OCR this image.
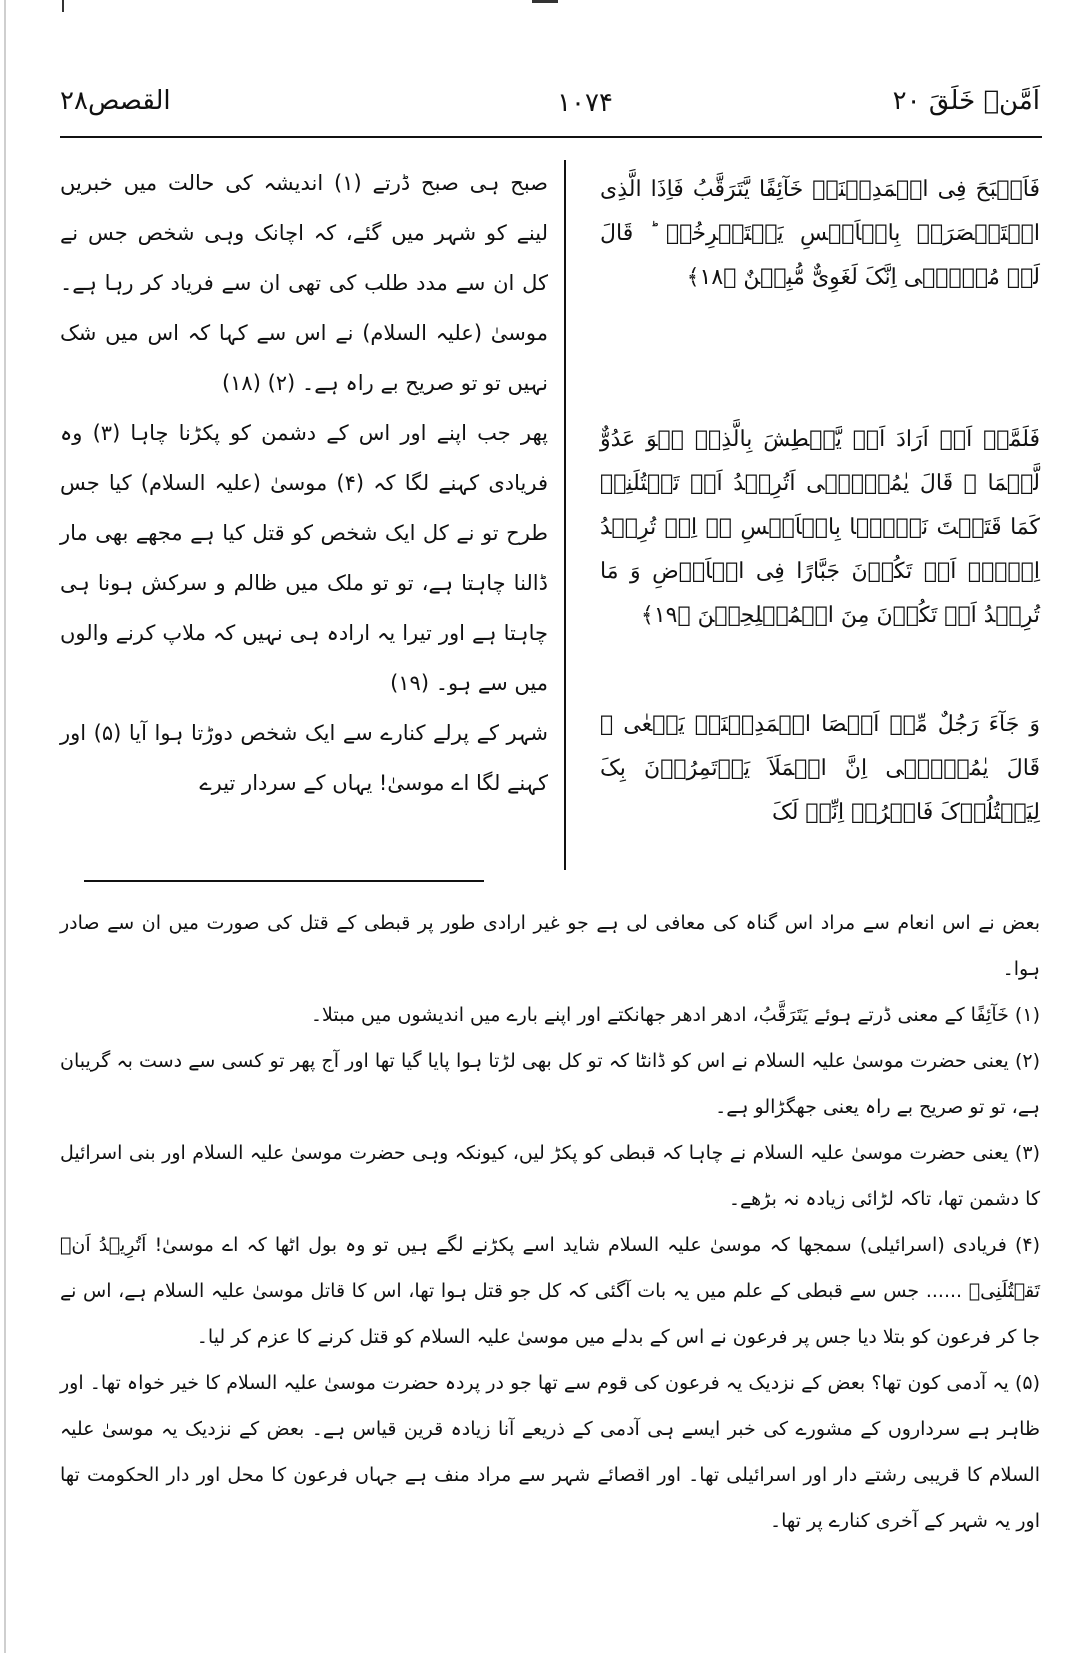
القصص۲۸	۱۰۷۴	اَمَّنۡ خَلَقَ ۲۰
فَاَصۡبَحَ فِی الۡمَدِیۡنَۃِ خَآئِفًا یَّتَرَقَّبُ فَاِذَا الَّذِی اسۡتَنۡصَرَہٗ بِالۡاَمۡسِ یَسۡتَصۡرِخُہٗ ؕ قَالَ لَہٗ مُوۡسٰۤی اِنَّکَ لَغَوِیٌّ مُّبِیۡنٌ ﴿۱۸﴾
فَلَمَّاۤ اَنۡ اَرَادَ اَنۡ یَّبۡطِشَ بِالَّذِیۡ ہُوَ عَدُوٌّ لَّہُمَا ۙ قَالَ یٰمُوۡسٰۤی اَتُرِیۡدُ اَنۡ تَقۡتُلَنِیۡ کَمَا قَتَلۡتَ نَفۡسًۢا بِالۡاَمۡسِ ٭ۖ اِنۡ تُرِیۡدُ اِلَّاۤ اَنۡ تَکُوۡنَ جَبَّارًا فِی الۡاَرۡضِ وَ مَا تُرِیۡدُ اَنۡ تَکُوۡنَ مِنَ الۡمُصۡلِحِیۡنَ ﴿۱۹﴾
وَ جَآءَ رَجُلٌ مِّنۡ اَقۡصَا الۡمَدِیۡنَۃِ یَسۡعٰی ۫ قَالَ یٰمُوۡسٰۤی اِنَّ الۡمَلَاَ یَاۡتَمِرُوۡنَ بِکَ لِیَقۡتُلُوۡکَ فَاخۡرُجۡ اِنِّیۡ لَکَ

صبح ہی صبح ڈرتے (۱) اندیشہ کی حالت میں خبریں لینے کو شہر میں گئے، کہ اچانک وہی شخص جس نے کل ان سے مدد طلب کی تھی ان سے فریاد کر رہا ہے۔ موسیٰ (علیہ السلام) نے اس سے کہا کہ اس میں شک نہیں تو تو صریح بے راہ ہے۔ (۲) (۱۸)

پھر جب اپنے اور اس کے دشمن کو پکڑنا چاہا (۳) وہ فریادی کہنے لگا کہ (۴) موسیٰ (علیہ السلام) کیا جس طرح تو نے کل ایک شخص کو قتل کیا ہے مجھے بھی مار ڈالنا چاہتا ہے، تو تو ملک میں ظالم و سرکش ہونا ہی چاہتا ہے اور تیرا یہ ارادہ ہی نہیں کہ ملاپ کرنے والوں میں سے ہو۔ (۱۹)

شہر کے پرلے کنارے سے ایک شخص دوڑتا ہوا آیا (۵) اور کہنے لگا اے موسیٰ! یہاں کے سردار تیرے

بعض نے اس انعام سے مراد اس گناہ کی معافی لی ہے جو غیر ارادی طور پر قبطی کے قتل کی صورت میں ان سے صادر ہوا۔

(۱) خَآئِفًا کے معنی ڈرتے ہوئے یَتَرَقَّبُ، ادھر ادھر جھانکتے اور اپنے بارے میں اندیشوں میں مبتلا۔

(۲) یعنی حضرت موسیٰ علیہ السلام نے اس کو ڈانٹا کہ تو کل بھی لڑتا ہوا پایا گیا تھا اور آج پھر تو کسی سے دست بہ گریبان ہے، تو تو صریح بے راہ یعنی جھگڑالو ہے۔

(۳) یعنی حضرت موسیٰ علیہ السلام نے چاہا کہ قبطی کو پکڑ لیں، کیونکہ وہی حضرت موسیٰ علیہ السلام اور بنی اسرائیل کا دشمن تھا، تاکہ لڑائی زیادہ نہ بڑھے۔

(۴) فریادی (اسرائیلی) سمجھا کہ موسیٰ علیہ السلام شاید اسے پکڑنے لگے ہیں تو وہ بول اٹھا کہ اے موسیٰ! اَتُرِیۡدُ اَنۡ تَقۡتُلَنِیۡ ...... جس سے قبطی کے علم میں یہ بات آگئی کہ کل جو قتل ہوا تھا، اس کا قاتل موسیٰ علیہ السلام ہے، اس نے جا کر فرعون کو بتلا دیا جس پر فرعون نے اس کے بدلے میں موسیٰ علیہ السلام کو قتل کرنے کا عزم کر لیا۔

(۵) یہ آدمی کون تھا؟ بعض کے نزدیک یہ فرعون کی قوم سے تھا جو در پردہ حضرت موسیٰ علیہ السلام کا خیر خواہ تھا۔ اور ظاہر ہے سرداروں کے مشورے کی خبر ایسے ہی آدمی کے ذریعے آنا زیادہ قرین قیاس ہے۔ بعض کے نزدیک یہ موسیٰ علیہ السلام کا قریبی رشتے دار اور اسرائیلی تھا۔ اور اقصائے شہر سے مراد منف ہے جہاں فرعون کا محل اور دار الحکومت تھا اور یہ شہر کے آخری کنارے پر تھا۔
